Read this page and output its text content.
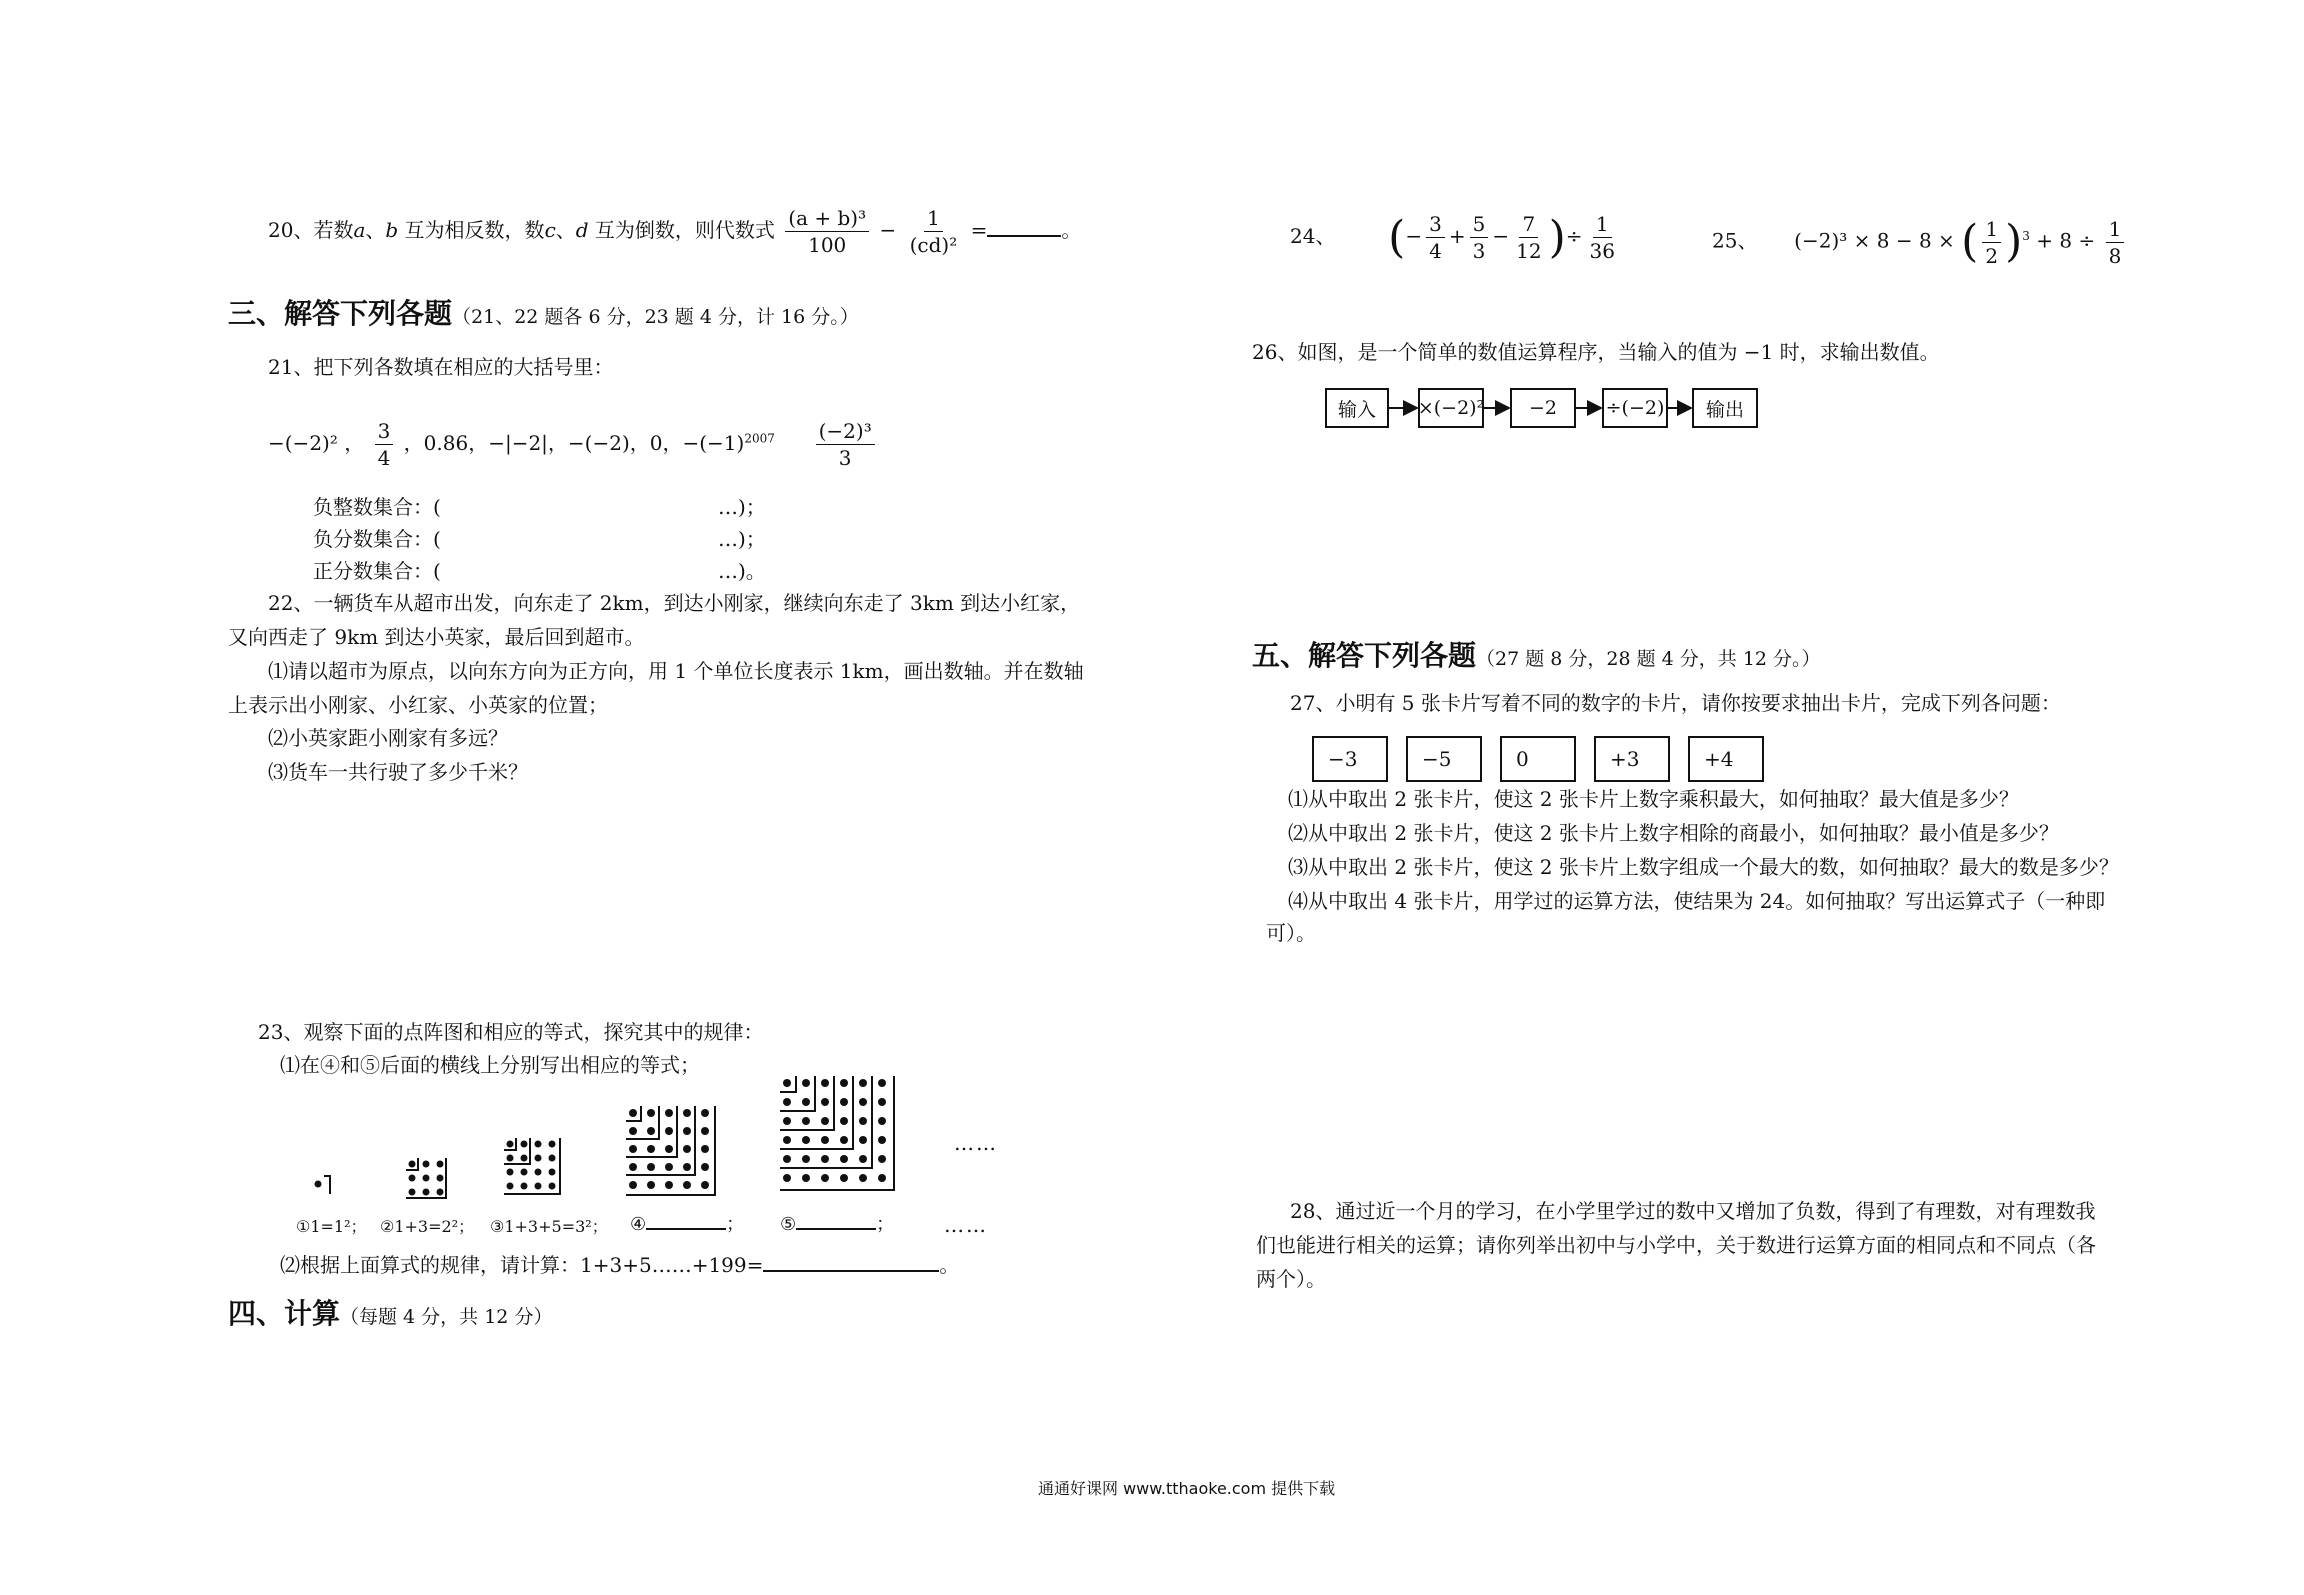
20、若数a、b 互为相反数，数c、d 互为倒数，则代数式 $\frac{\text{(a + b)³}}{100} - \frac{1}{\text{(cd)²}}$ =	。
三、解答下列各题（21、22 题各 6 分，23 题 4 分，计 16 分。）
21、把下列各数填在相应的大括号里：
−(−2)² ， $\frac{3}{4}$ ，0.86，−|−2|，−(−2)，0，$-(-1)^{2007} \frac{\text{(−2)³}}{3}$
负整数集合：(	…)；
负分数集合：(	…)；
正分数集合：(	…)。
22、一辆货车从超市出发，向东走了 2km，到达小刚家，继续向东走了 3km 到达小红家，
又向西走了 9km 到达小英家，最后回到超市。
⑴请以超市为原点，以向东方向为正方向，用 1 个单位长度表示 1km，画出数轴。并在数轴
上表示出小刚家、小红家、小英家的位置；
⑵小英家距小刚家有多远？
⑶货车一共行驶了多少千米？
23、观察下面的点阵图和相应的等式，探究其中的规律：
⑴在④和⑤后面的横线上分别写出相应的等式；
……
①1=1²； ②1+3=2²； ③1+3+5=3²； ④	； ⑤	； ……
⑵根据上面算式的规律，请计算：1+3+5……+199=	。
四、计算（每题 4 分，共 12 分）
24、 (− $\frac{3}{4} + \frac{5}{3} - \frac{7}{12}$ )÷ $\frac{1}{36}$	25、 (−2)³ × 8 − 8 × ( $\frac{1}{2} )^3 + 8 \div \frac{1}{8}$
26、如图，是一个简单的数值运算程序，当输入的值为 −1 时，求输出数值。
输入	×(−2)²	−2	÷(−2)	输出
五、解答下列各题（27 题 8 分，28 题 4 分，共 12 分。）
27、小明有 5 张卡片写着不同的数字的卡片，请你按要求抽出卡片，完成下列各问题：
−3	−5	0	+3	+4
⑴从中取出 2 张卡片，使这 2 张卡片上数字乘积最大，如何抽取？最大值是多少？
⑵从中取出 2 张卡片，使这 2 张卡片上数字相除的商最小，如何抽取？最小值是多少？
⑶从中取出 2 张卡片，使这 2 张卡片上数字组成一个最大的数，如何抽取？最大的数是多少？
⑷从中取出 4 张卡片，用学过的运算方法，使结果为 24。如何抽取？写出运算式子（一种即
可）。
28、通过近一个月的学习，在小学里学过的数中又增加了负数，得到了有理数，对有理数我
们也能进行相关的运算；请你列举出初中与小学中，关于数进行运算方面的相同点和不同点（各
两个）。
通通好课网 www.tthaoke.com 提供下载
